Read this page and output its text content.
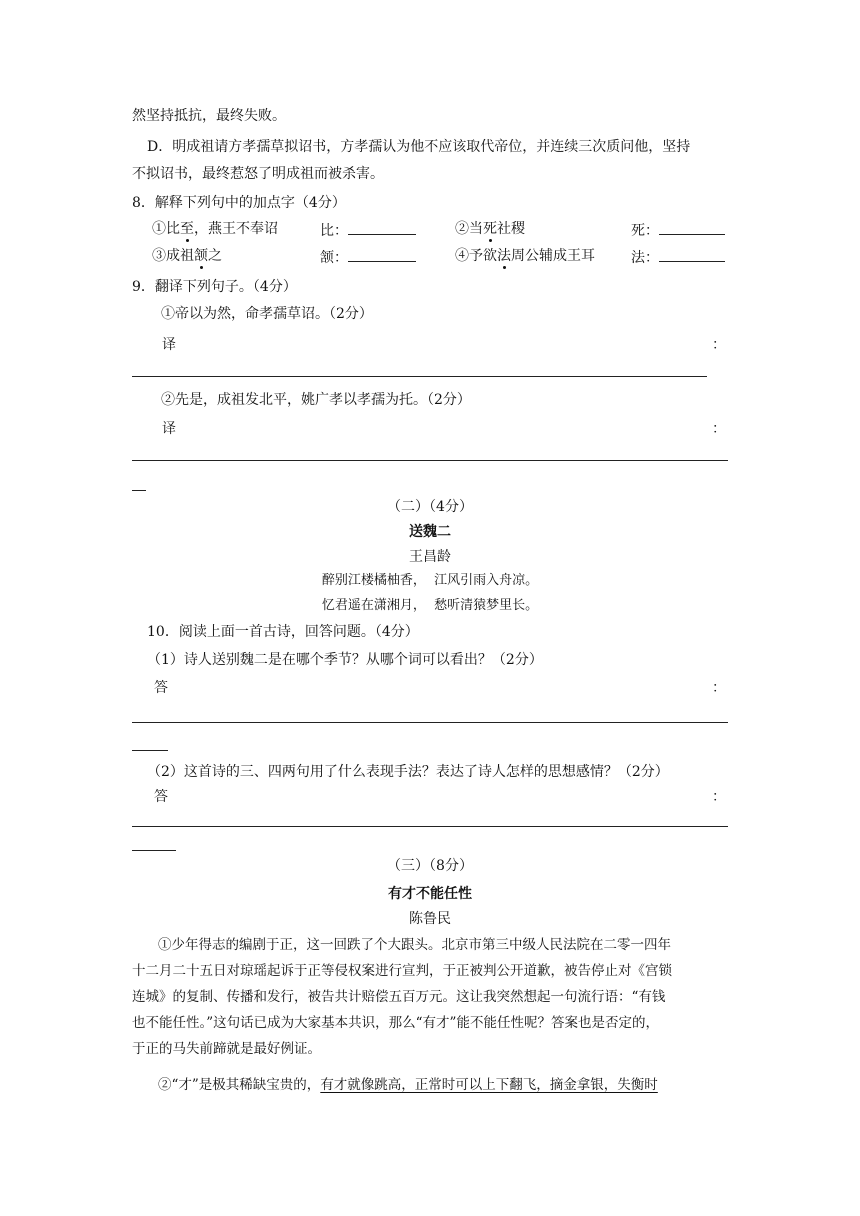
然坚持抵抗，最终失败。
D．明成祖请方孝孺草拟诏书，方孝孺认为他不应该取代帝位，并连续三次质问他，坚持
不拟诏书，最终惹怒了明成祖而被杀害。
8．解释下列句中的加点字（4分）
①比至，燕王不奉诏	比：	②当死社稷	死：
③成祖颔之	颔：	④予欲法周公辅成王耳	法：
9．翻译下列句子。（4分）
①帝以为然，命孝孺草诏。（2分）
译	：
②先是，成祖发北平，姚广孝以孝孺为托。（2分）
译	：
（二）（4分）
送魏二
王昌龄
醉别江楼橘柚香，  江风引雨入舟凉。
忆君遥在潇湘月，  愁听清猿梦里长。
10．阅读上面一首古诗，回答问题。（4分）
（1）诗人送别魏二是在哪个季节？从哪个词可以看出？（2分）
答	：
（2）这首诗的三、四两句用了什么表现手法？表达了诗人怎样的思想感情？（2分）
答	：
（三）（8分）
有才不能任性
陈鲁民
①少年得志的编剧于正，这一回跌了个大跟头。北京市第三中级人民法院在二零一四年
十二月二十五日对琼瑶起诉于正等侵权案进行宣判，于正被判公开道歉，被告停止对《宫锁
连城》的复制、传播和发行，被告共计赔偿五百万元。这让我突然想起一句流行语：“有钱
也不能任性。”这句话已成为大家基本共识，那么“有才”能不能任性呢？答案也是否定的，
于正的马失前蹄就是最好例证。
②“才”是极其稀缺宝贵的，有才就像跳高，正常时可以上下翻飞，摘金拿银，失衡时
